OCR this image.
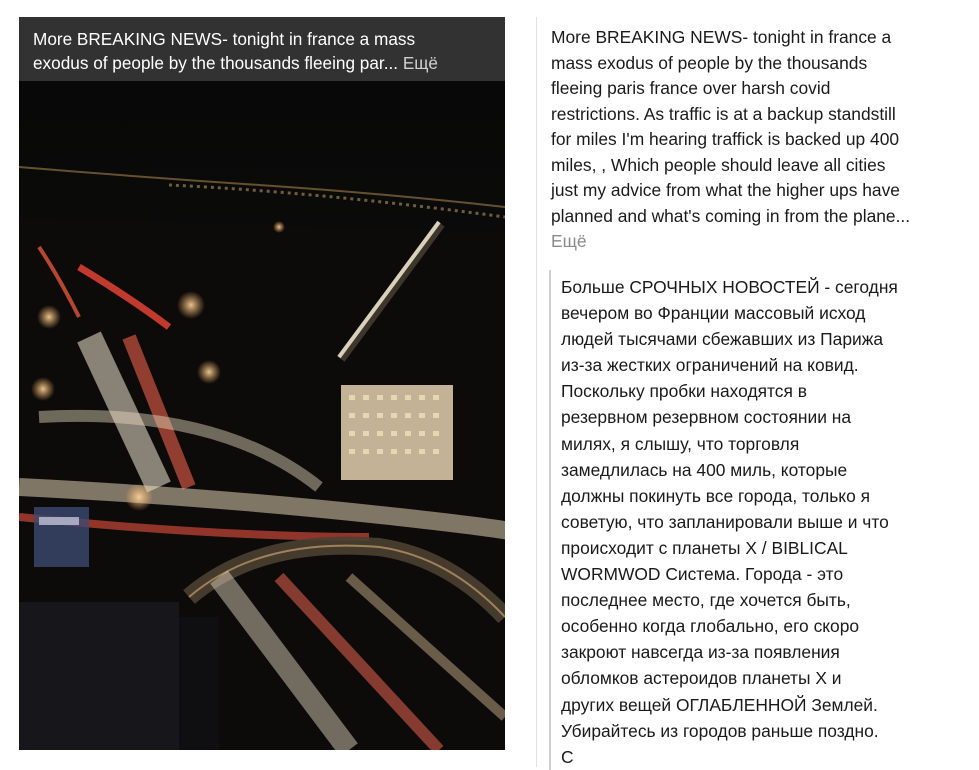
More BREAKING NEWS- tonight in france a mass
exodus of people by the thousands fleeing par... Ещё
More BREAKING NEWS- tonight in france a
mass exodus of people by the thousands
fleeing paris france over harsh covid
restrictions. As traffic is at a backup standstill
for miles I'm hearing traffick is backed up 400
miles, , Which people should leave all cities
just my advice from what the higher ups have
planned and what's coming in from the plane...
Ещё
Больше СРОЧНЫХ НОВОСТЕЙ - сегодня
вечером во Франции массовый исход
людей тысячами сбежавших из Парижа
из-за жестких ограничений на ковид.
Поскольку пробки находятся в
резервном резервном состоянии на
милях, я слышу, что торговля
замедлилась на 400 миль, которые
должны покинуть все города, только я
советую, что запланировали выше и что
происходит с планеты X / BIBLICAL
WORMWOD Система. Города - это
последнее место, где хочется быть,
особенно когда глобально, его скоро
закроют навсегда из-за появления
обломков астероидов планеты X и
других вещей ОГЛАБЛЕННОЙ Землей.
Убирайтесь из городов раньше поздно.
С
